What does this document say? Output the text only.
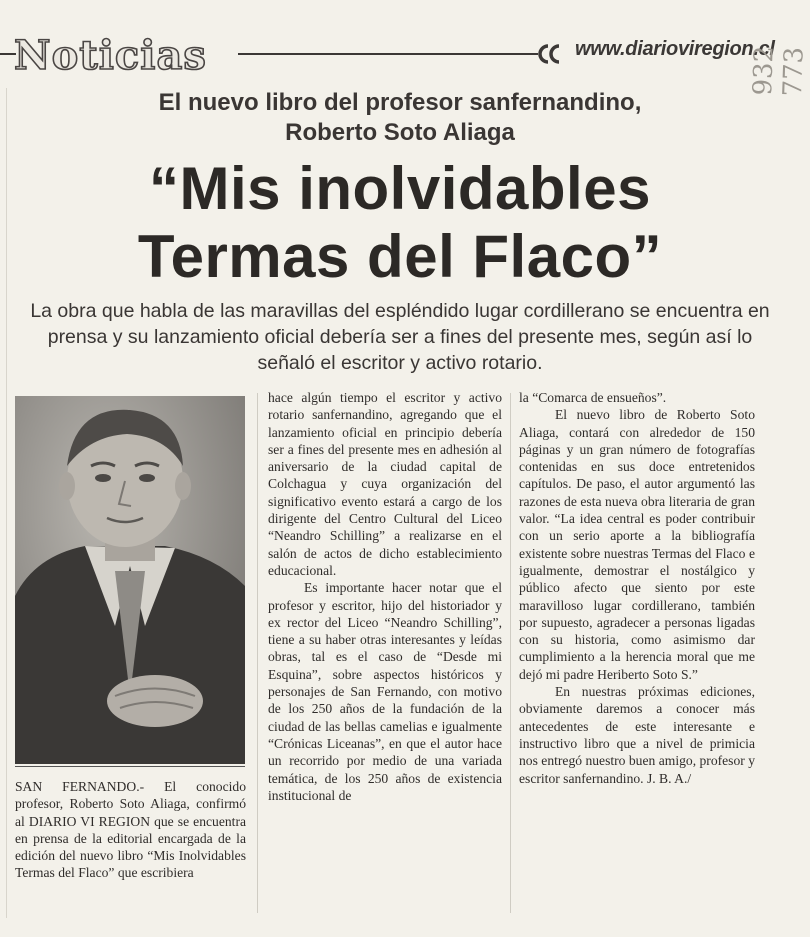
Noticias	www.diarioviregion.cl
932 773
El nuevo libro del profesor sanfernandino,
Roberto Soto Aliaga
“Mis inolvidables
Termas del Flaco”
La obra que habla de las maravillas del espléndido lugar cordillerano se encuentra en prensa y su lanzamiento oficial debería ser a fines del presente mes, según así lo señaló el escritor y activo rotario.

SAN FERNANDO.- El conocido profesor, Roberto Soto Aliaga, confirmó al DIARIO VI REGION que se encuentra en prensa de la editorial encargada de la edición del nuevo libro “Mis Inolvidables Termas del Flaco” que escribiera

hace algún tiempo el escritor y activo rotario sanfernandino, agregando que el lanzamiento oficial en principio debería ser a fines del presente mes en adhesión al aniversario de la ciudad capital de Colchagua y cuya organización del significativo evento estará a cargo de los dirigente del Centro Cultural del Liceo “Neandro Schilling” a realizarse en el salón de actos de dicho establecimiento educacional.

Es importante hacer notar que el profesor y escritor, hijo del historiador y ex rector del Liceo “Neandro Schilling”, tiene a su haber otras interesantes y leídas obras, tal es el caso de “Desde mi Esquina”, sobre aspectos históricos y personajes de San Fernando, con motivo de los 250 años de la fundación de la ciudad de las bellas camelias e igualmente “Crónicas Liceanas”, en que el autor hace un recorrido por medio de una variada temática, de los 250 años de existencia institucional de

la “Comarca de ensueños”.

El nuevo libro de Roberto Soto Aliaga, contará con alrededor de 150 páginas y un gran número de fotografías contenidas en sus doce entretenidos capítulos. De paso, el autor argumentó las razones de esta nueva obra literaria de gran valor. “La idea central es poder contribuir con un serio aporte a la bibliografía existente sobre nuestras Termas del Flaco e igualmente, demostrar el nostálgico y público afecto que siento por este maravilloso lugar cordillerano, también por supuesto, agradecer a personas ligadas con su historia, como asimismo dar cumplimiento a la herencia moral que me dejó mi padre Heriberto Soto S.”

En nuestras próximas ediciones, obviamente daremos a conocer más antecedentes de este interesante e instructivo libro que a nivel de primicia nos entregó nuestro buen amigo, profesor y escritor sanfernandino. J. B. A./
